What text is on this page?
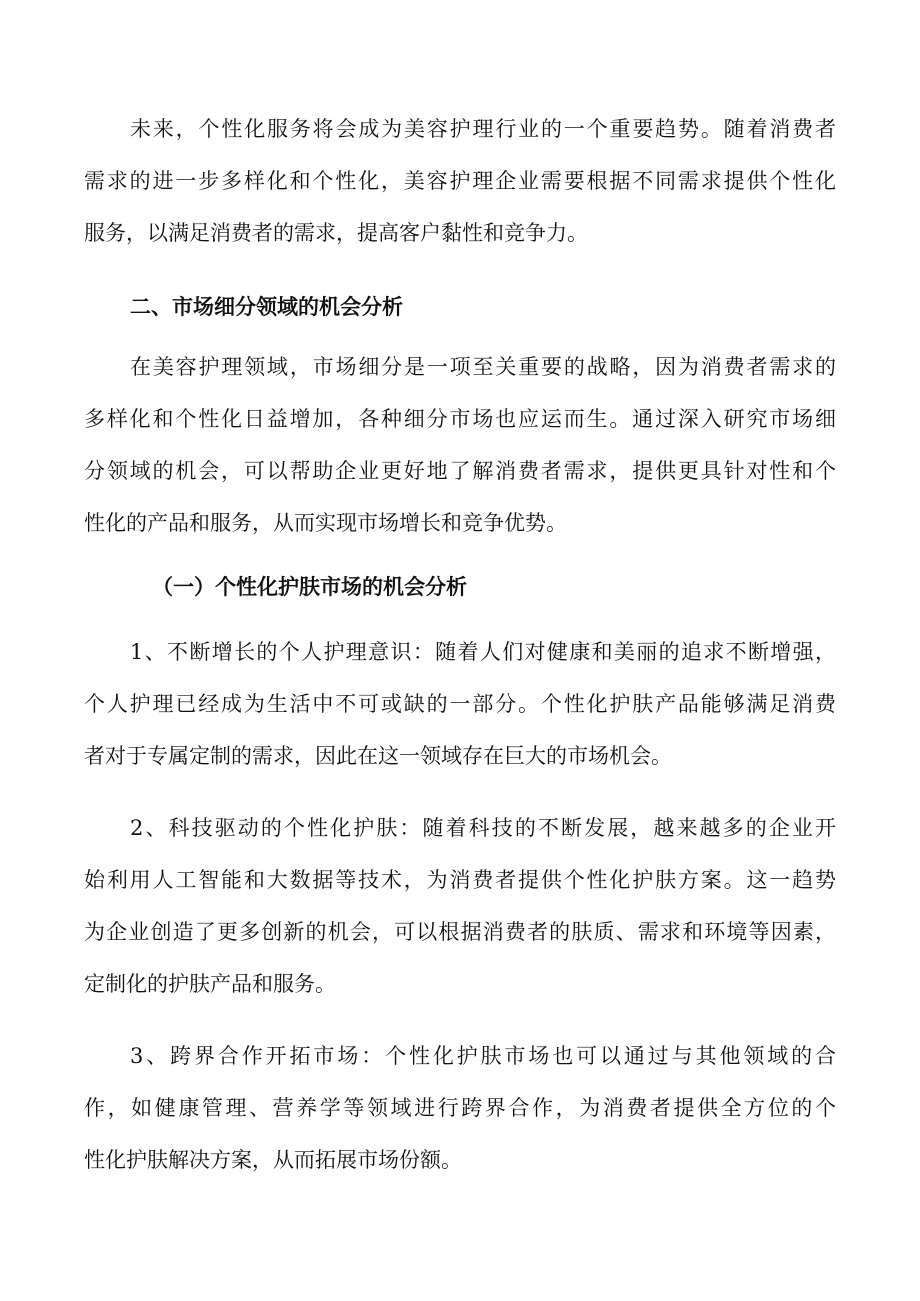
未来，个性化服务将会成为美容护理行业的一个重要趋势。随着消费者

需求的进一步多样化和个性化，美容护理企业需要根据不同需求提供个性化

服务，以满足消费者的需求，提高客户黏性和竞争力。

二、市场细分领域的机会分析

在美容护理领域，市场细分是一项至关重要的战略，因为消费者需求的

多样化和个性化日益增加，各种细分市场也应运而生。通过深入研究市场细

分领域的机会，可以帮助企业更好地了解消费者需求，提供更具针对性和个

性化的产品和服务，从而实现市场增长和竞争优势。

（一）个性化护肤市场的机会分析

1、不断增长的个人护理意识：随着人们对健康和美丽的追求不断增强，

个人护理已经成为生活中不可或缺的一部分。个性化护肤产品能够满足消费

者对于专属定制的需求，因此在这一领域存在巨大的市场机会。

2、科技驱动的个性化护肤：随着科技的不断发展，越来越多的企业开

始利用人工智能和大数据等技术，为消费者提供个性化护肤方案。这一趋势

为企业创造了更多创新的机会，可以根据消费者的肤质、需求和环境等因素，

定制化的护肤产品和服务。

3、跨界合作开拓市场：个性化护肤市场也可以通过与其他领域的合

作，如健康管理、营养学等领域进行跨界合作，为消费者提供全方位的个

性化护肤解决方案，从而拓展市场份额。
